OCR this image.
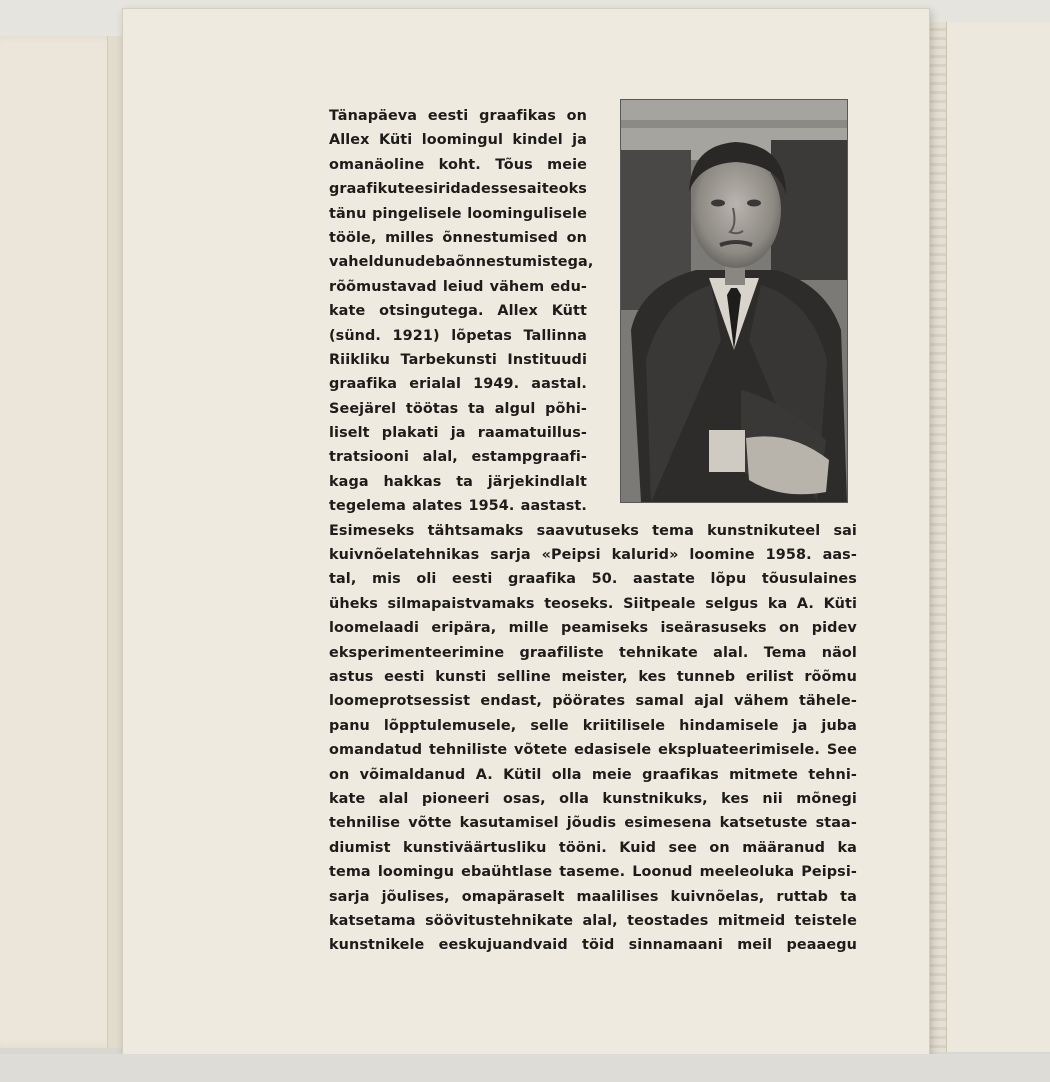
Tänapäeva eesti graafikas on
Allex Küti loomingul kindel ja
omanäoline koht. Tõus meie
graafikute esiridadesse sai teoks
tänu pingelisele loomingulisele
tööle, milles õnnestumised on
vaheldunud ebaõnnestumistega,
rõõmustavad leiud vähem edu-
kate otsingutega. Allex Kütt
(sünd. 1921) lõpetas Tallinna
Riikliku Tarbekunsti Instituudi
graafika erialal 1949. aastal.
Seejärel töötas ta algul põhi-
liselt plakati ja raamatuillus-
tratsiooni alal, estampgraafi-
kaga hakkas ta järjekindlalt
tegelema alates 1954. aastast.
Esimeseks tähtsamaks saavutuseks tema kunstnikuteel sai
kuivnõelatehnikas sarja «Peipsi kalurid» loomine 1958. aas-
tal, mis oli eesti graafika 50. aastate lõpu tõusulaines
üheks silmapaistvamaks teoseks. Siitpeale selgus ka A. Küti
loomelaadi eripära, mille peamiseks iseärasuseks on pidev
eksperimenteerimine graafiliste tehnikate alal. Tema näol
astus eesti kunsti selline meister, kes tunneb erilist rõõmu
loomeprotsessist endast, pöörates samal ajal vähem tähele-
panu lõpptulemusele, selle kriitilisele hindamisele ja juba
omandatud tehniliste võtete edasisele ekspluateerimisele. See
on võimaldanud A. Kütil olla meie graafikas mitmete tehni-
kate alal pioneeri osas, olla kunstnikuks, kes nii mõnegi
tehnilise võtte kasutamisel jõudis esimesena katsetuste staa-
diumist kunstiväärtusliku tööni. Kuid see on määranud ka
tema loomingu ebaühtlase taseme. Loonud meeleoluka Peipsi-
sarja jõulises, omapäraselt maalilises kuivnõelas, ruttab ta
katsetama söövitustehnikate alal, teostades mitmeid teistele
kunstnikele eeskujuandvaid töid sinnamaani meil peaaegu
